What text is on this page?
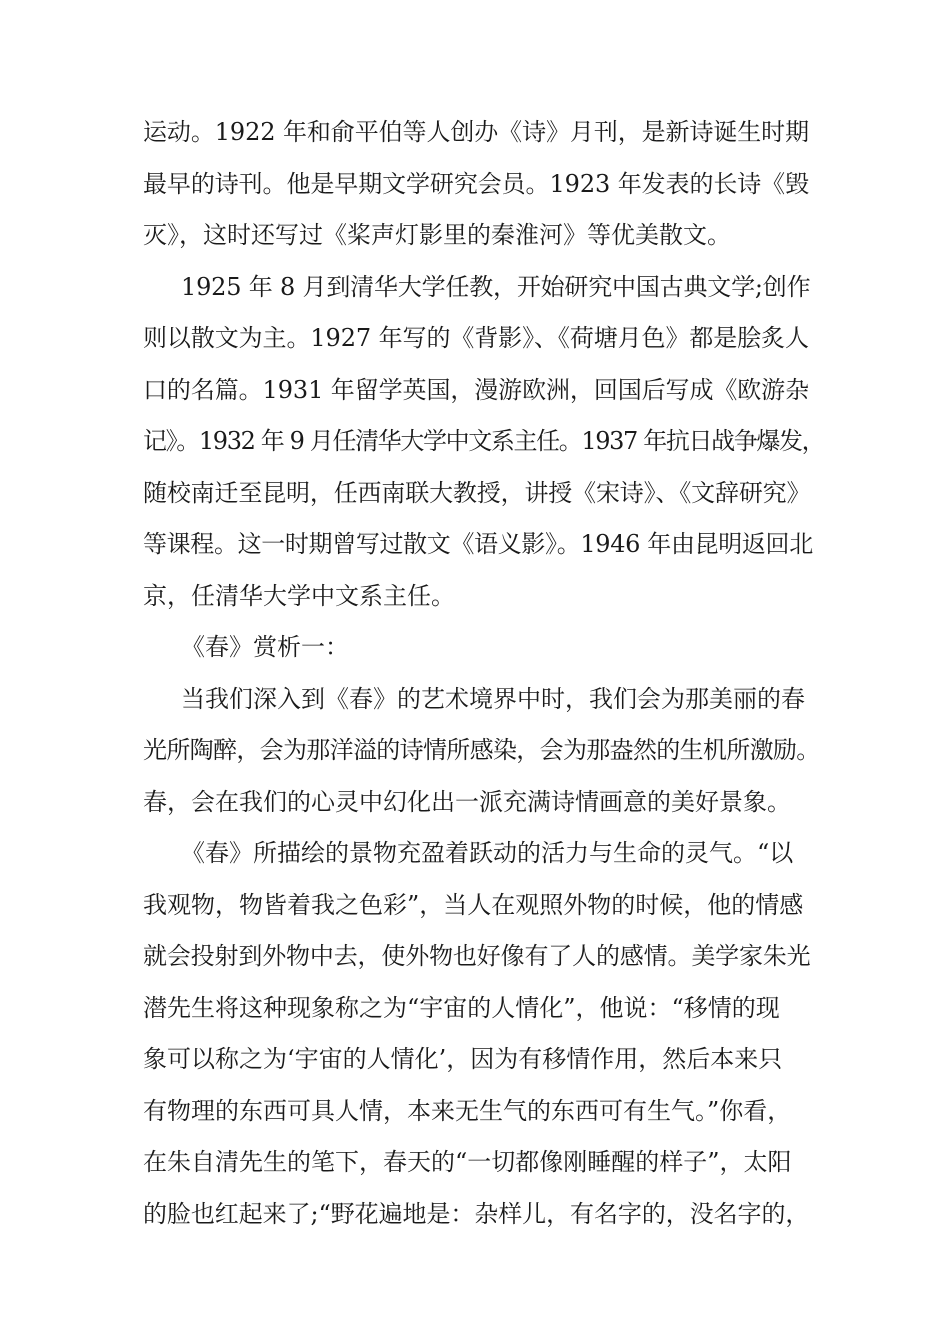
运动。1922 年和俞平伯等人创办《诗》月刊，是新诗诞生时期
最早的诗刊。他是早期文学研究会员。1923 年发表的长诗《毁
灭》，这时还写过《桨声灯影里的秦淮河》等优美散文。
1925 年 8 月到清华大学任教，开始研究中国古典文学;创作
则以散文为主。1927 年写的《背影》、《荷塘月色》都是脍炙人
口的名篇。1931 年留学英国，漫游欧洲，回国后写成《欧游杂
记》。1932 年 9 月任清华大学中文系主任。1937 年抗日战争爆发，
随校南迁至昆明，任西南联大教授，讲授《宋诗》、《文辞研究》
等课程。这一时期曾写过散文《语义影》。1946 年由昆明返回北
京，任清华大学中文系主任。
《春》赏析一：
当我们深入到《春》的艺术境界中时，我们会为那美丽的春
光所陶醉，会为那洋溢的诗情所感染，会为那盎然的生机所激励。
春，会在我们的心灵中幻化出一派充满诗情画意的美好景象。
《春》所描绘的景物充盈着跃动的活力与生命的灵气。“以
我观物，物皆着我之色彩”，当人在观照外物的时候，他的情感
就会投射到外物中去，使外物也好像有了人的感情。美学家朱光
潜先生将这种现象称之为“宇宙的人情化”，他说：“移情的现
象可以称之为‘宇宙的人情化’，因为有移情作用，然后本来只
有物理的东西可具人情，本来无生气的东西可有生气。”你看，
在朱自清先生的笔下，春天的“一切都像刚睡醒的样子”，太阳
的脸也红起来了;“野花遍地是：杂样儿，有名字的，没名字的，
